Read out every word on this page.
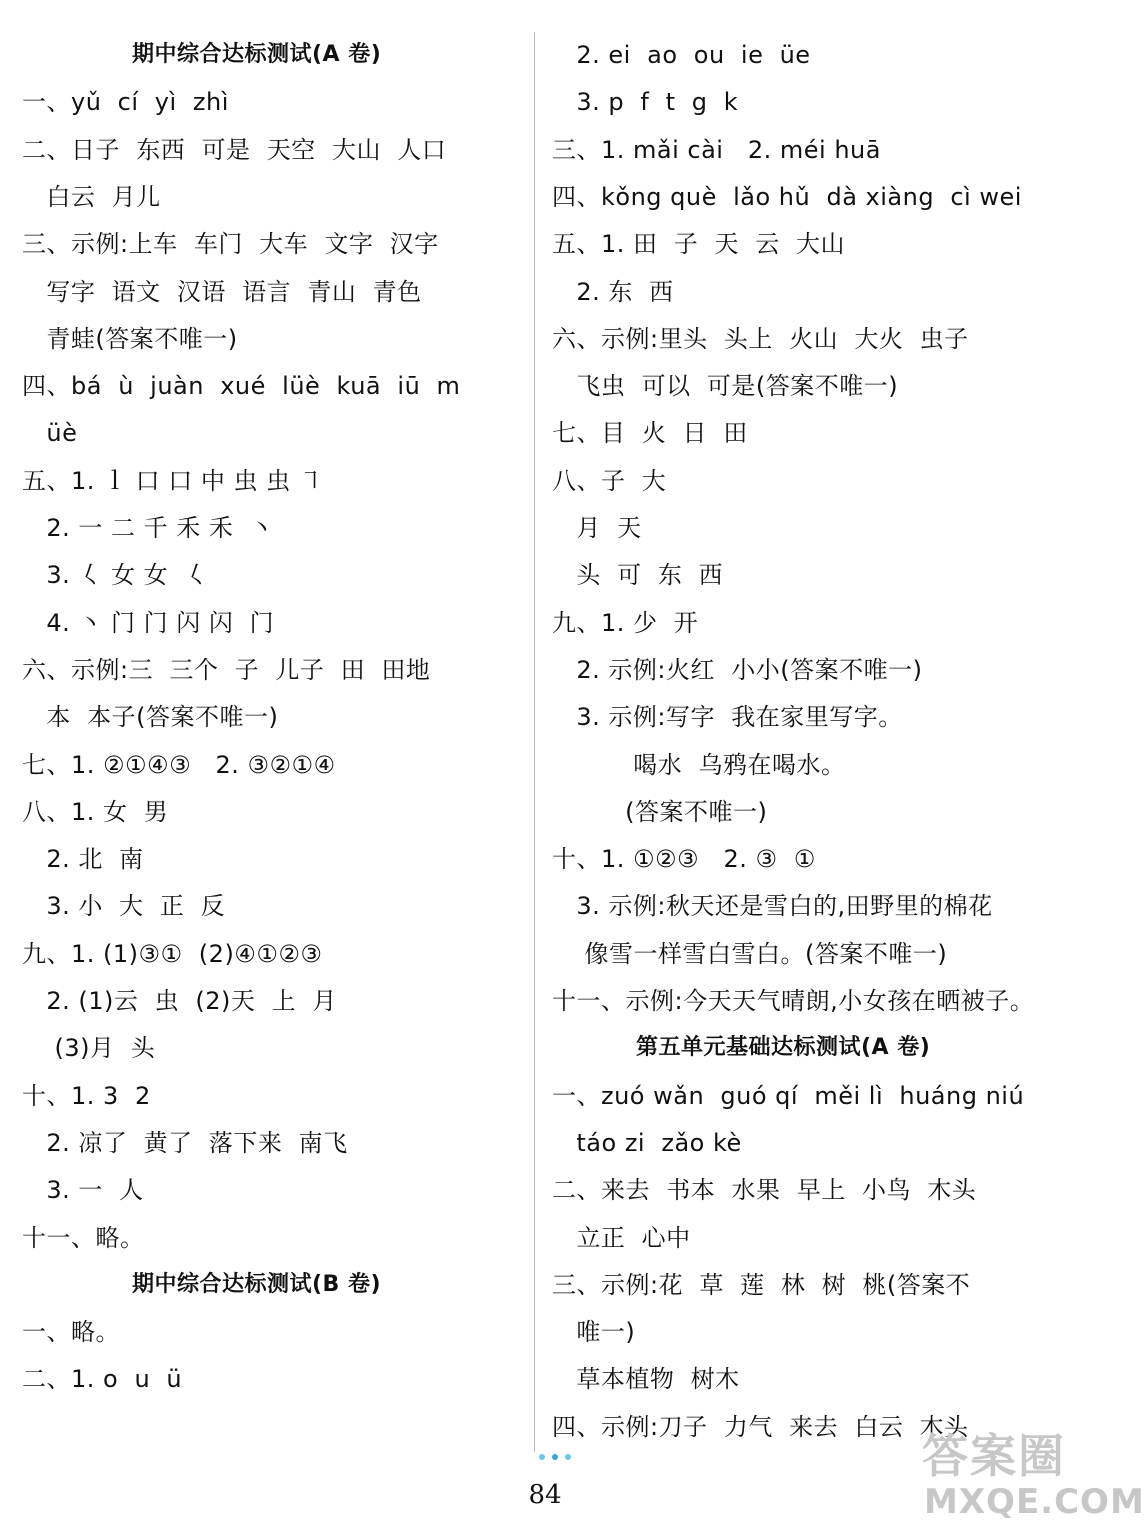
期中综合达标测试(A 卷)
一、yǔ  cí  yì  zhì
二、日子  东西  可是  天空  大山  人口
白云  月儿
三、示例:上车  车门  大车  文字  汉字
写字  语文  汉语  语言  青山  青色
青蛙(答案不唯一)
四、bá  ù  juàn  xué  lüè  kuā  iū  m
üè
五、1. ｌ 口 口 中 虫 虫 ㇕
2. 一 二 千 禾 禾  丶
3. 𡿨 女 女  𡿨
4. 丶 门 门 闪 闪  门
六、示例:三  三个  子  儿子  田  田地
本  本子(答案不唯一)
七、1. ②①④③   2. ③②①④
八、1. 女  男
2. 北  南
3. 小  大  正  反
九、1. (1)③①  (2)④①②③
2. (1)云  虫  (2)天  上  月
(3)月  头
十、1. 3  2
2. 凉了  黄了  落下来  南飞
3. 一  人
十一、略。
期中综合达标测试(B 卷)
一、略。
二、1. o  u  ü
2. ei  ao  ou  ie  üe
3. p  f  t  g  k
三、1. mǎi cài   2. méi huā
四、kǒng què  lǎo hǔ  dà xiàng  cì wei
五、1. 田  子  天  云  大山
2. 东  西
六、示例:里头  头上  火山  大火  虫子
飞虫  可以  可是(答案不唯一)
七、目  火  日  田
八、子  大
月  天
头  可  东  西
九、1. 少  开
2. 示例:火红  小小(答案不唯一)
3. 示例:写字  我在家里写字。
喝水  乌鸦在喝水。
(答案不唯一)
十、1. ①②③   2. ③  ①
3. 示例:秋天还是雪白的,田野里的棉花
像雪一样雪白雪白。(答案不唯一)
十一、示例:今天天气晴朗,小女孩在晒被子。
第五单元基础达标测试(A 卷)
一、zuó wǎn  guó qí  měi lì  huáng niú
táo zi  zǎo kè
二、来去  书本  水果  早上  小鸟  木头
立正  心中
三、示例:花  草  莲  林  树  桃(答案不
唯一)
草本植物  树木
四、示例:刀子  力气  来去  白云  木头
84
答案圈
MXQE.COM
